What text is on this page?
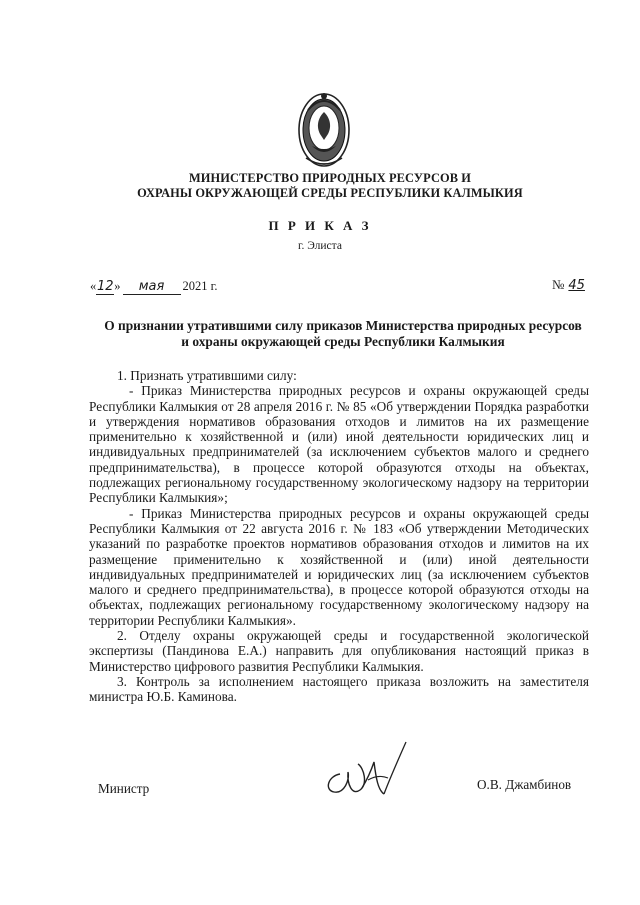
МИНИСТЕРСТВО ПРИРОДНЫХ РЕСУРСОВ И
ОХРАНЫ ОКРУЖАЮЩЕЙ СРЕДЫ РЕСПУБЛИКИ КАЛМЫКИЯ
П Р И К А З
г. Элиста
« 12 »	мая	2021 г.	№ 45
О признании утратившими силу приказов Министерства природных ресурсов
и охраны окружающей среды Республики Калмыкия

1. Признать утратившими силу:

- Приказ Министерства природных ресурсов и охраны окружающей среды Республики Калмыкия от 28 апреля 2016 г. № 85 «Об утверждении Порядка разработки и утверждения нормативов образования отходов и лимитов на их размещение применительно к хозяйственной и (или) иной деятельности юридических лиц и индивидуальных предпринимателей (за исключением субъектов малого и среднего предпринимательства), в процессе которой образуются отходы на объектах, подлежащих региональному государственному экологическому надзору на территории Республики Калмыкия»;

- Приказ Министерства природных ресурсов и охраны окружающей среды Республики Калмыкия от 22 августа 2016 г. № 183 «Об утверждении Методических указаний по разработке проектов нормативов образования отходов и лимитов на их размещение применительно к хозяйственной и (или) иной деятельности индивидуальных предпринимателей и юридических лиц (за исключением субъектов малого и среднего предпринимательства), в процессе которой образуются отходы на объектах, подлежащих региональному государственному экологическому надзору на территории Республики Калмыкия».

2. Отделу охраны окружающей среды и государственной экологической экспертизы (Пандинова Е.А.) направить для опубликования настоящий приказ в Министерство цифрового развития Республики Калмыкия.

3. Контроль за исполнением настоящего приказа возложить на заместителя министра Ю.Б. Каминова.

Министр	О.В. Джамбинов
